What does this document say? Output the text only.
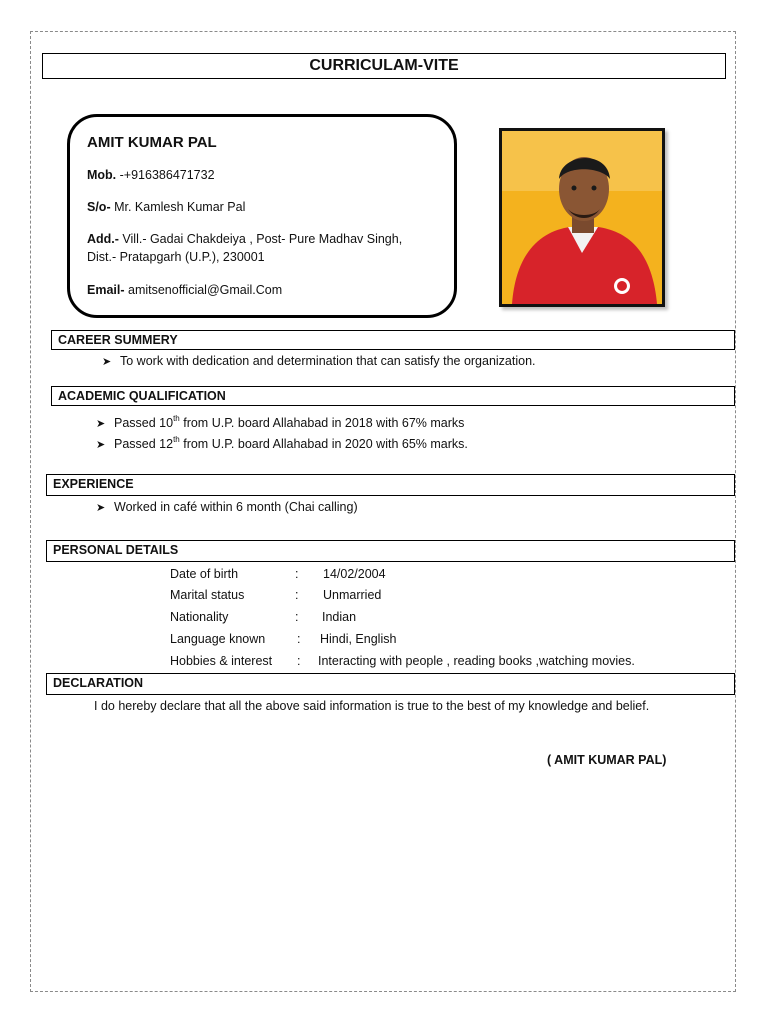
CURRICULAM-VITE
AMIT KUMAR PAL
Mob. -+916386471732
S/o- Mr. Kamlesh Kumar Pal
Add.- Vill.- Gadai Chakdeiya , Post- Pure Madhav Singh,
Dist.- Pratapgarh (U.P.), 230001
Email- amitsenofficial@Gmail.Com
CAREER SUMMERY
➤ To work with dedication and determination that can satisfy the organization.
ACADEMIC QUALIFICATION
➤ Passed 10th from U.P. board Allahabad in 2018 with 67% marks
➤ Passed 12th from U.P. board Allahabad in 2020 with 65% marks.
EXPERIENCE
➤ Worked in café within 6 month (Chai calling)
PERSONAL DETAILS
Date of birth	: 14/02/2004
Marital status	: Unmarried
Nationality	: Indian
Language known	: Hindi, English
Hobbies & interest : Interacting with people , reading books ,watching movies.
DECLARATION
I do hereby declare that all the above said information is true to the best of my knowledge and belief.
( AMIT KUMAR PAL)
